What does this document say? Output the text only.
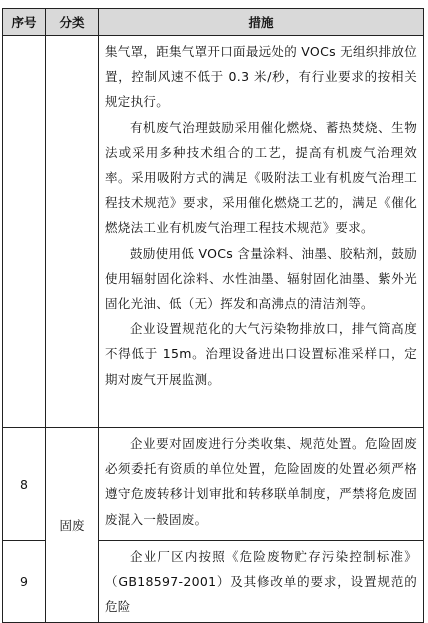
序号	分类	措施

		集气罩，距集气罩开口面最远处的 VOCs 无组织排放位置，控制风速不低于 0.3 米/秒，有行业要求的按相关规定执行。

有机废气治理鼓励采用催化燃烧、蓄热焚烧、生物法或采用多种技术组合的工艺，提高有机废气治理效率。采用吸附方式的满足《吸附法工业有机废气治理工程技术规范》要求，采用催化燃烧工艺的，满足《催化燃烧法工业有机废气治理工程技术规范》要求。

鼓励使用低 VOCs 含量涂料、油墨、胶粘剂，鼓励使用辐射固化涂料、水性油墨、辐射固化油墨、紫外光固化光油、低（无）挥发和高沸点的清洁剂等。

企业设置规范化的大气污染物排放口，排气筒高度不得低于 15m。治理设备进出口设置标准采样口，定期对废气开展监测。

8	固废	企业要对固废进行分类收集、规范处置。危险固废必须委托有资质的单位处置，危险固废的处置必须严格遵守危废转移计划审批和转移联单制度，严禁将危废固废混入一般固废。

9		企业厂区内按照《危险废物贮存污染控制标准》（GB18597-2001）及其修改单的要求，设置规范的危险
